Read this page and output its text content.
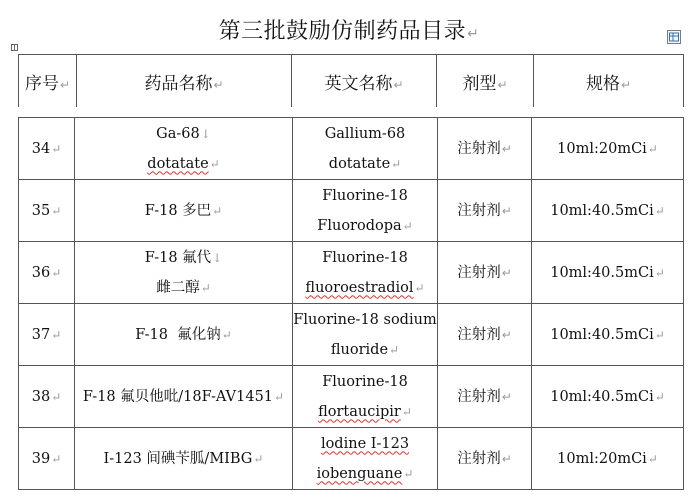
第三批鼓励仿制药品目录↵
序号↵	药品名称↵	英文名称↵	剂型↵	规格↵
34↵	Ga-68↓
dotatate↵	Gallium-68 dotatate↵	注射剂↵	10ml:20mCi↵
35↵	F-18 多巴↵	Fluorine-18
Fluorodopa↵	注射剂↵	10ml:40.5mCi↵
36↵	F-18 氟代↓
雌二醇↵	Fluorine-18
fluoroestradiol↵	注射剂↵	10ml:40.5mCi↵
37↵	F-18  氟化钠↵	Fluorine-18 sodium
fluoride↵	注射剂↵	10ml:40.5mCi↵
38↵	F-18 氟贝他吡/18F-AV1451↵	Fluorine-18
flortaucipir↵	注射剂↵	10ml:40.5mCi↵
39↵	I-123 间碘苄胍/MIBG↵	lodine I-123
iobenguane↵	注射剂↵	10ml:20mCi↵
